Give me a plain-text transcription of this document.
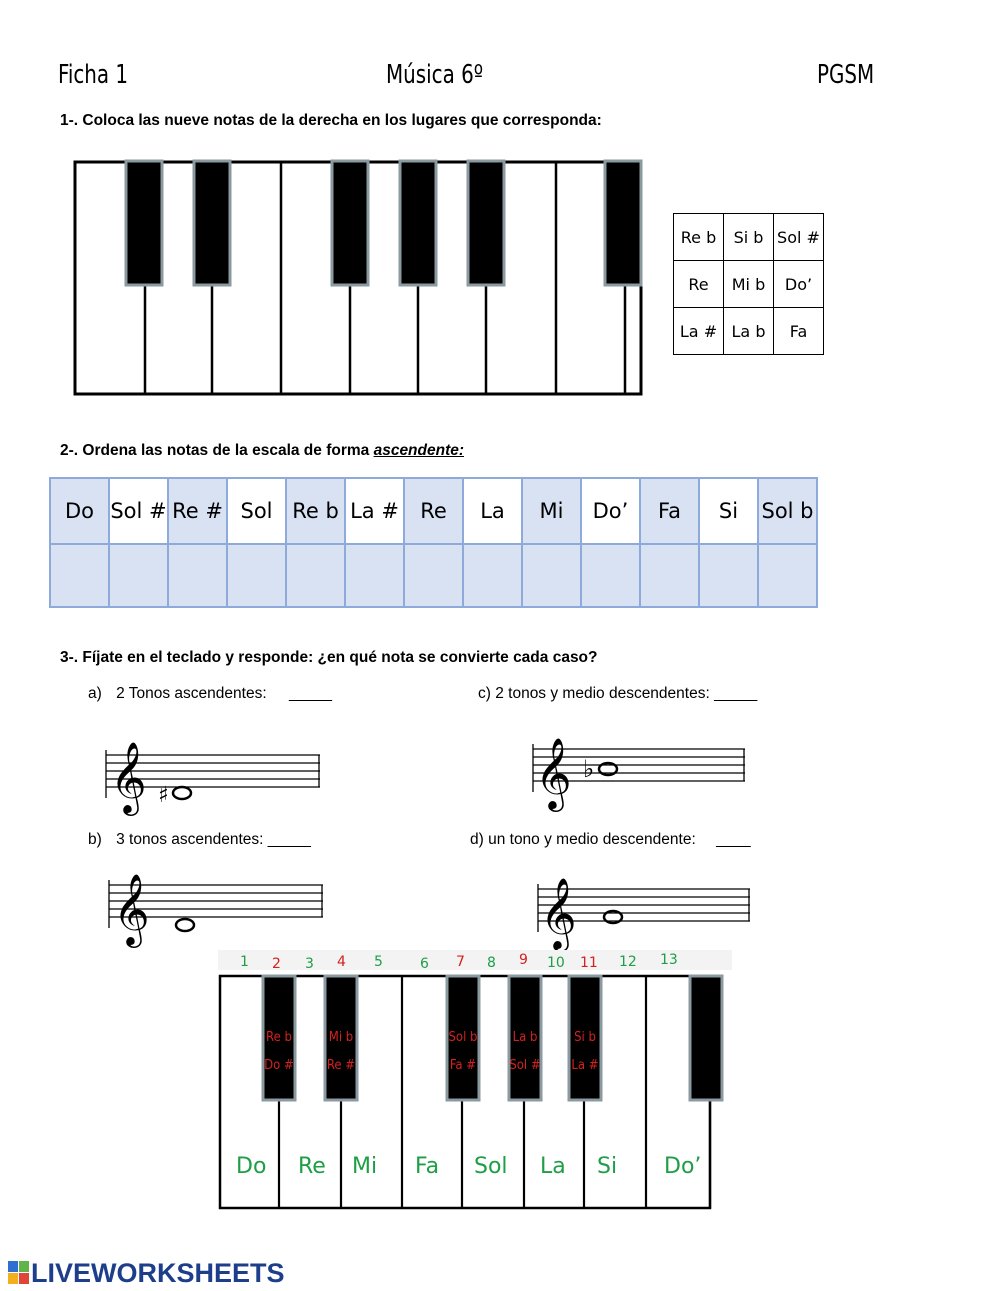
Ficha 1	Música 6º	PGSM
1-. Coloca las nueve notas de la derecha en los lugares que corresponda:
Re b	Si b	Sol #
Re	Mi b	Do’
La #	La b	Fa
2-. Ordena las notas de la escala de forma ascendente:
Do	Sol #	Re #	Sol	Re b	La #	Re	La	Mi	Do’	Fa	Si	Sol b

3-. Fíjate en el teclado y responde: ¿en qué nota se convierte cada caso?
a) 2 Tonos ascendentes: _____	c) 2 tonos y medio descendentes: _____
b) 3 tonos ascendentes: _____	d) un tono y medio descendente: ____
𝄞 ♯	𝄞 ♭
𝄞	𝄞
1 2 3 4 5	6 7 8 9 10 11 12 13
Re b
Do #
Mi b
Re #
Sol b
Fa #
La b
Sol #
Si b
La #
Do Re Mi Fa Sol La Si Do’
LIVEWORKSHEETS
